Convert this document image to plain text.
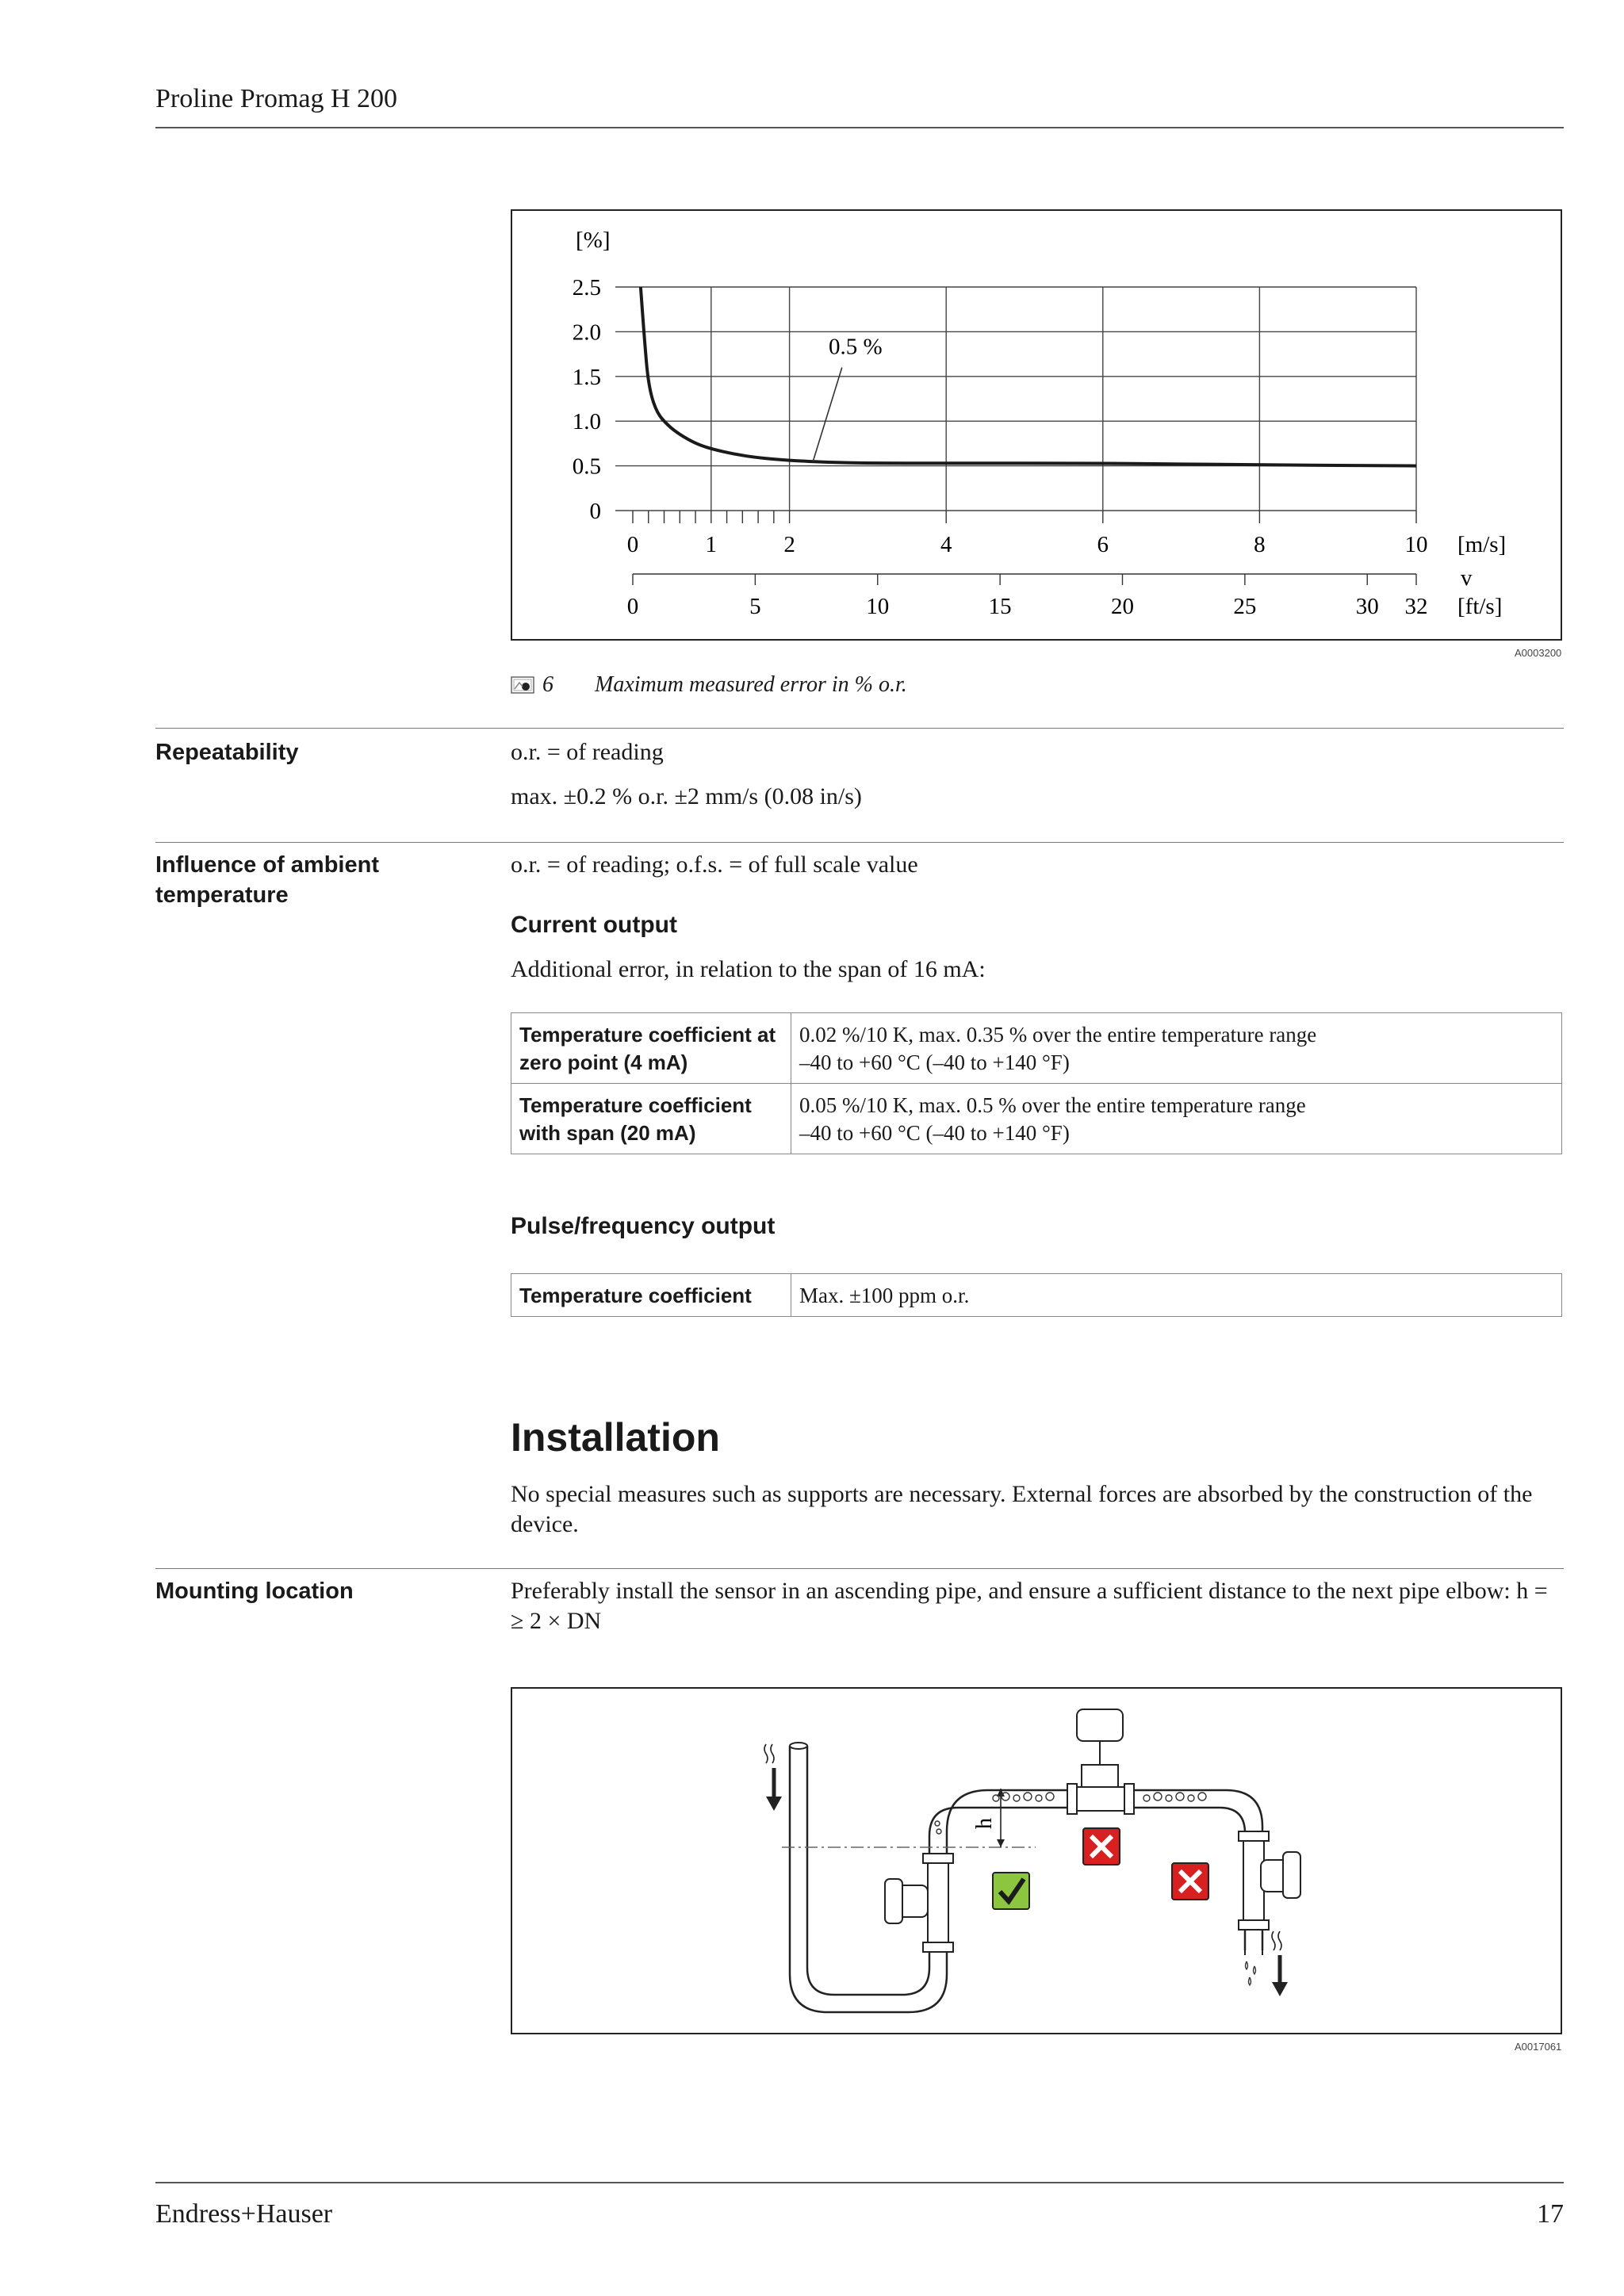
Proline Promag H 200
0
0.5
1.0
1.5
2.0
2.5
0	1	2	4	6	8	10
0	5	10	15	20	25	30 32
0.5 %
[%]
[m/s]
v
[ft/s]
A0003200
6 Maximum measured error in % o.r.
Repeatability	o.r. = of reading
max. ±0.2 % o.r. ±2 mm/s (0.08 in/s)
Influence of ambient temperature
o.r. = of reading; o.f.s. = of full scale value
Current output
Additional error, in relation to the span of 16 mA:
Temperature coefficient at zero point (4 mA)	0.02 %/10 K, max. 0.35 % over the entire temperature range
–40 to +60 °C (–40 to +140 °F)

Temperature coefficient with span (20 mA)	0.05 %/10 K, max. 0.5 % over the entire temperature range
–40 to +60 °C (–40 to +140 °F)
Pulse/frequency output
Temperature coefficient	Max. ±100 ppm o.r.
Installation
No special measures such as supports are necessary. External forces are absorbed by the construction of the device.
Mounting location	Preferably install the sensor in an ascending pipe, and ensure a sufficient distance to the next pipe elbow: h = ≥ 2 × DN
h
A0017061
Endress+Hauser	17
